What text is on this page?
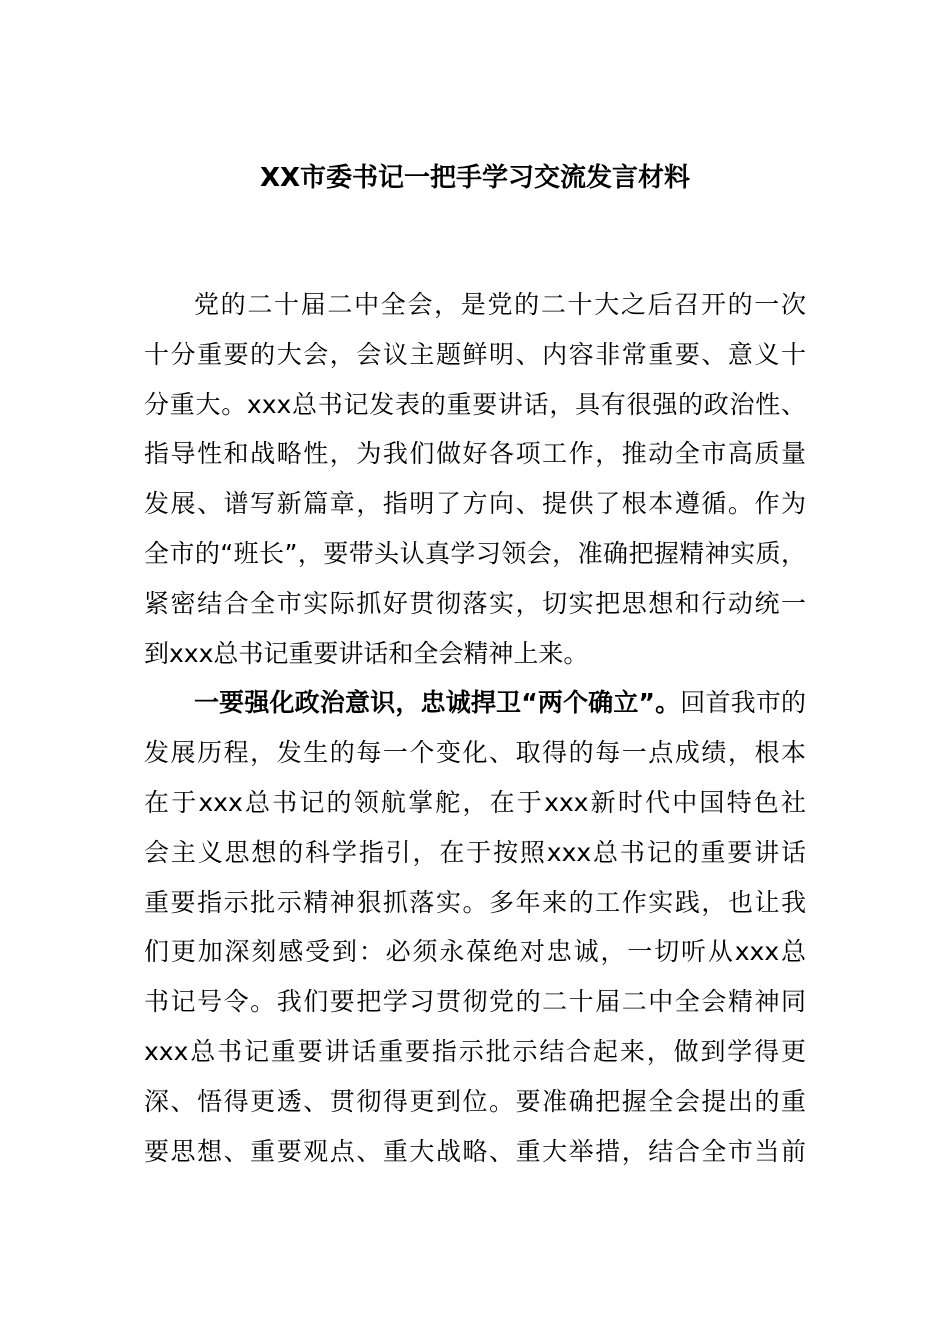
XX市委书记一把手学习交流发言材料
党的二十届二中全会，是党的二十大之后召开的一次
十分重要的大会，会议主题鲜明、内容非常重要、意义十
分重大。xxx总书记发表的重要讲话，具有很强的政治性、
指导性和战略性，为我们做好各项工作，推动全市高质量
发展、谱写新篇章，指明了方向、提供了根本遵循。作为
全市的“班长”，要带头认真学习领会，准确把握精神实质，
紧密结合全市实际抓好贯彻落实，切实把思想和行动统一
到xxx总书记重要讲话和全会精神上来。
一要强化政治意识，忠诚捍卫“两个确立”。回首我市的
发展历程，发生的每一个变化、取得的每一点成绩，根本
在于xxx总书记的领航掌舵，在于xxx新时代中国特色社
会主义思想的科学指引，在于按照xxx总书记的重要讲话
重要指示批示精神狠抓落实。多年来的工作实践，也让我
们更加深刻感受到：必须永葆绝对忠诚，一切听从xxx总
书记号令。我们要把学习贯彻党的二十届二中全会精神同
xxx总书记重要讲话重要指示批示结合起来，做到学得更
深、悟得更透、贯彻得更到位。要准确把握全会提出的重
要思想、重要观点、重大战略、重大举措，结合全市当前
